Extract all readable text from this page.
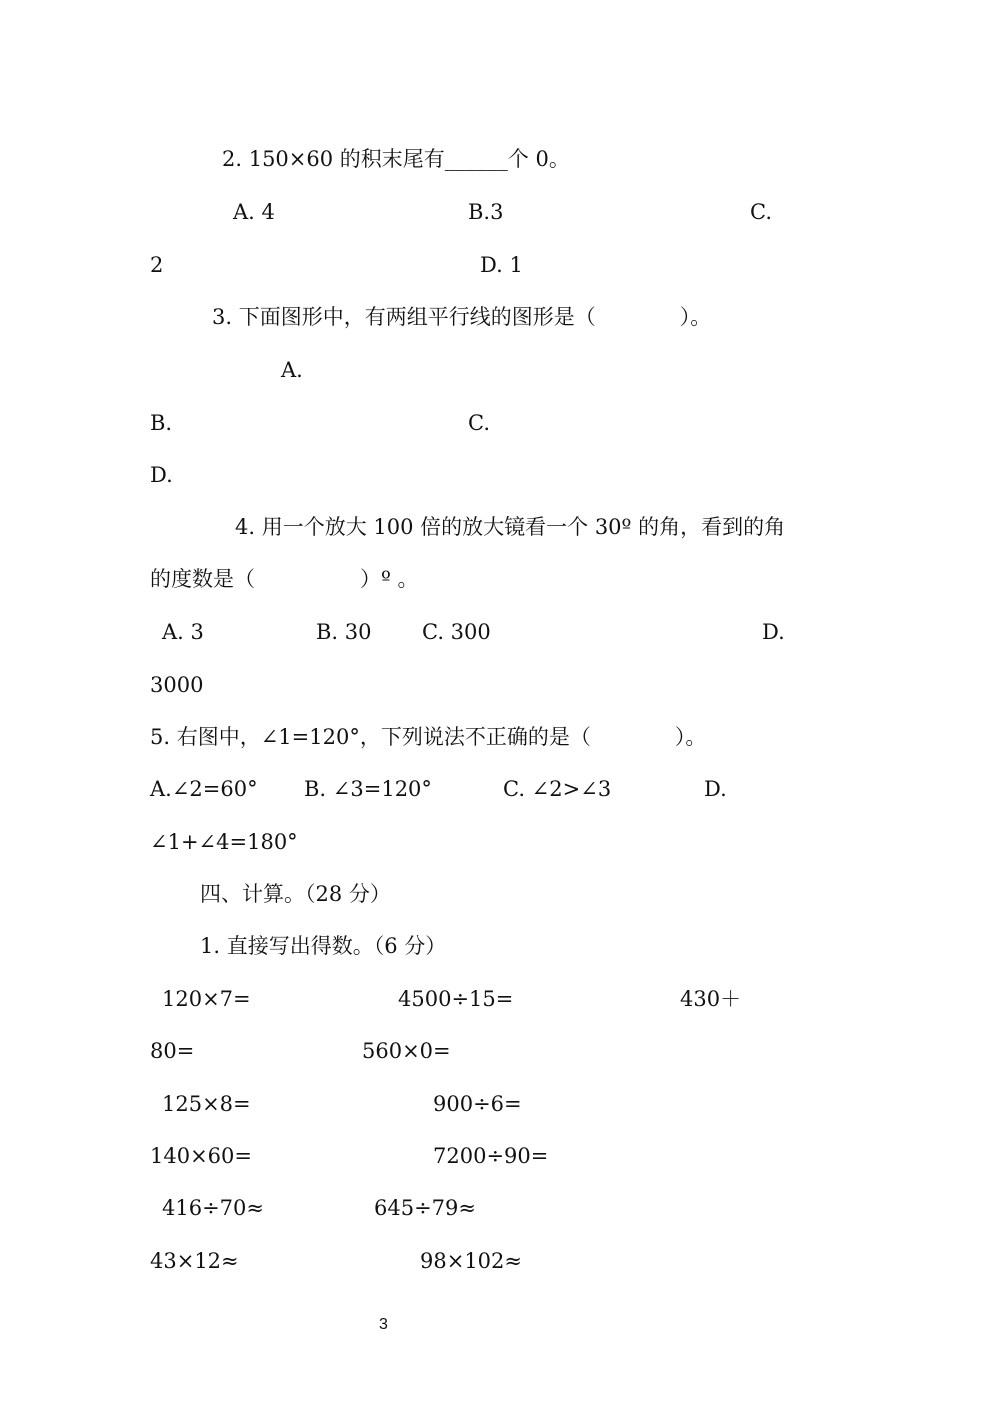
2. 150×60 的积末尾有______个 0。
A. 4	B.3	C.
2	D. 1
3. 下面图形中，有两组平行线的图形是（　　　　）。
A.
B.	C.
D.
4. 用一个放大 100 倍的放大镜看一个 30º 的角，看到的角
的度数是（　　　　　）º 。
A. 3	B. 30 C. 300	D.
3000
5. 右图中，∠1=120°，下列说法不正确的是（　　　　）。
A.∠2=60° B. ∠3=120°	C. ∠2>∠3	D.
∠1+∠4=180°
四、计算。（28 分）
1. 直接写出得数。（6 分）
120×7=	4500÷15=	430＋
80=	560×0=
125×8=	900÷6=
140×60=	7200÷90=
416÷70≈	645÷79≈
43×12≈	98×102≈
3
